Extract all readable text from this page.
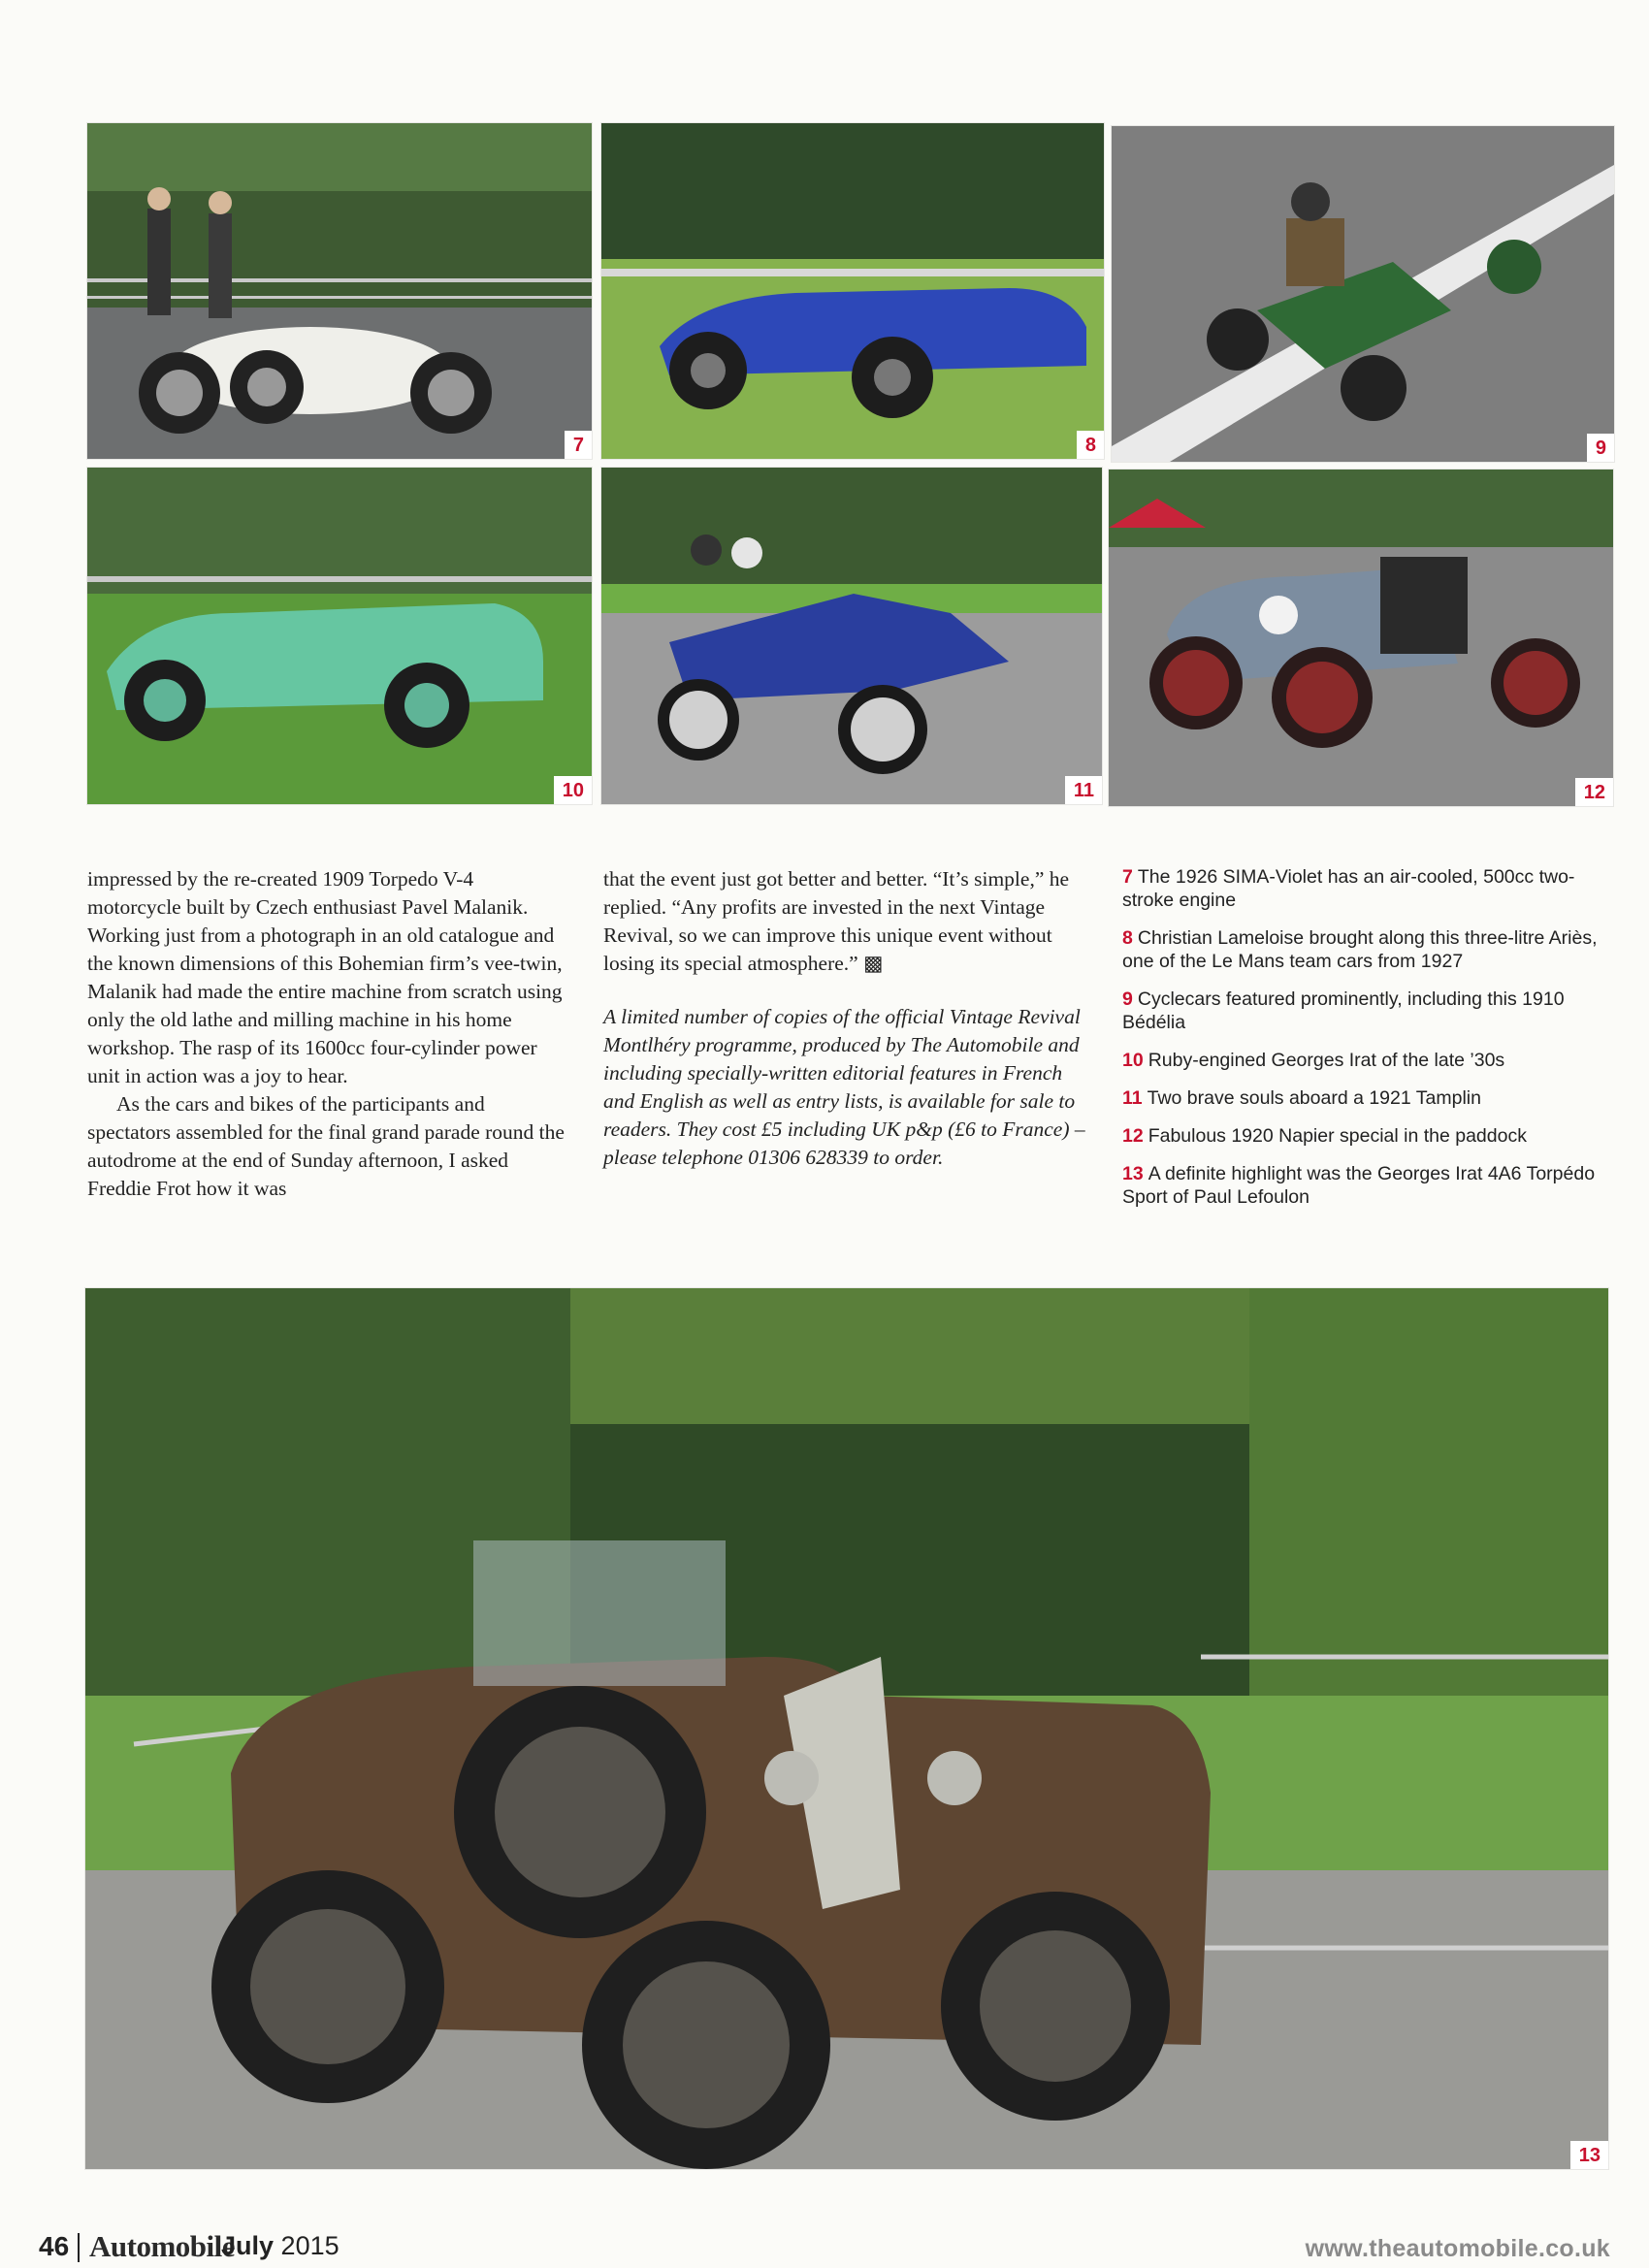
7	8	9
10	11	12

impressed by the re-created 1909 Torpedo V-4 motorcycle built by Czech enthusiast Pavel Malanik. Working just from a photograph in an old catalogue and the known dimensions of this Bohemian firm’s vee-twin, Malanik had made the entire machine from scratch using only the old lathe and milling machine in his home workshop. The rasp of its 1600cc four-cylinder power unit in action was a joy to hear.

As the cars and bikes of the participants and spectators assembled for the final grand parade round the autodrome at the end of Sunday afternoon, I asked Freddie Frot how it was

that the event just got better and better. “It’s simple,” he replied. “Any profits are invested in the next Vintage Revival, so we can improve this unique event without losing its special atmosphere.” ▩

A limited number of copies of the official Vintage Revival Montlhéry programme, produced by The Automobile and including specially-written editorial features in French and English as well as entry lists, is available for sale to readers. They cost £5 including UK p&p (£6 to France) – please telephone 01306 628339 to order.

7 The 1926 SIMA-Violet has an air-cooled, 500cc two-stroke engine

8 Christian Lameloise brought along this three-litre Ariès, one of the Le Mans team cars from 1927

9 Cyclecars featured prominently, including this 1910 Bédélia

10 Ruby-engined Georges Irat of the late ’30s

11 Two brave souls aboard a 1921 Tamplin

12 Fabulous 1920 Napier special in the paddock

13 A definite highlight was the Georges Irat 4A6 Torpédo Sport of Paul Lefoulon

13
46 Automobile
July 2015	www.theautomobile.co.uk
